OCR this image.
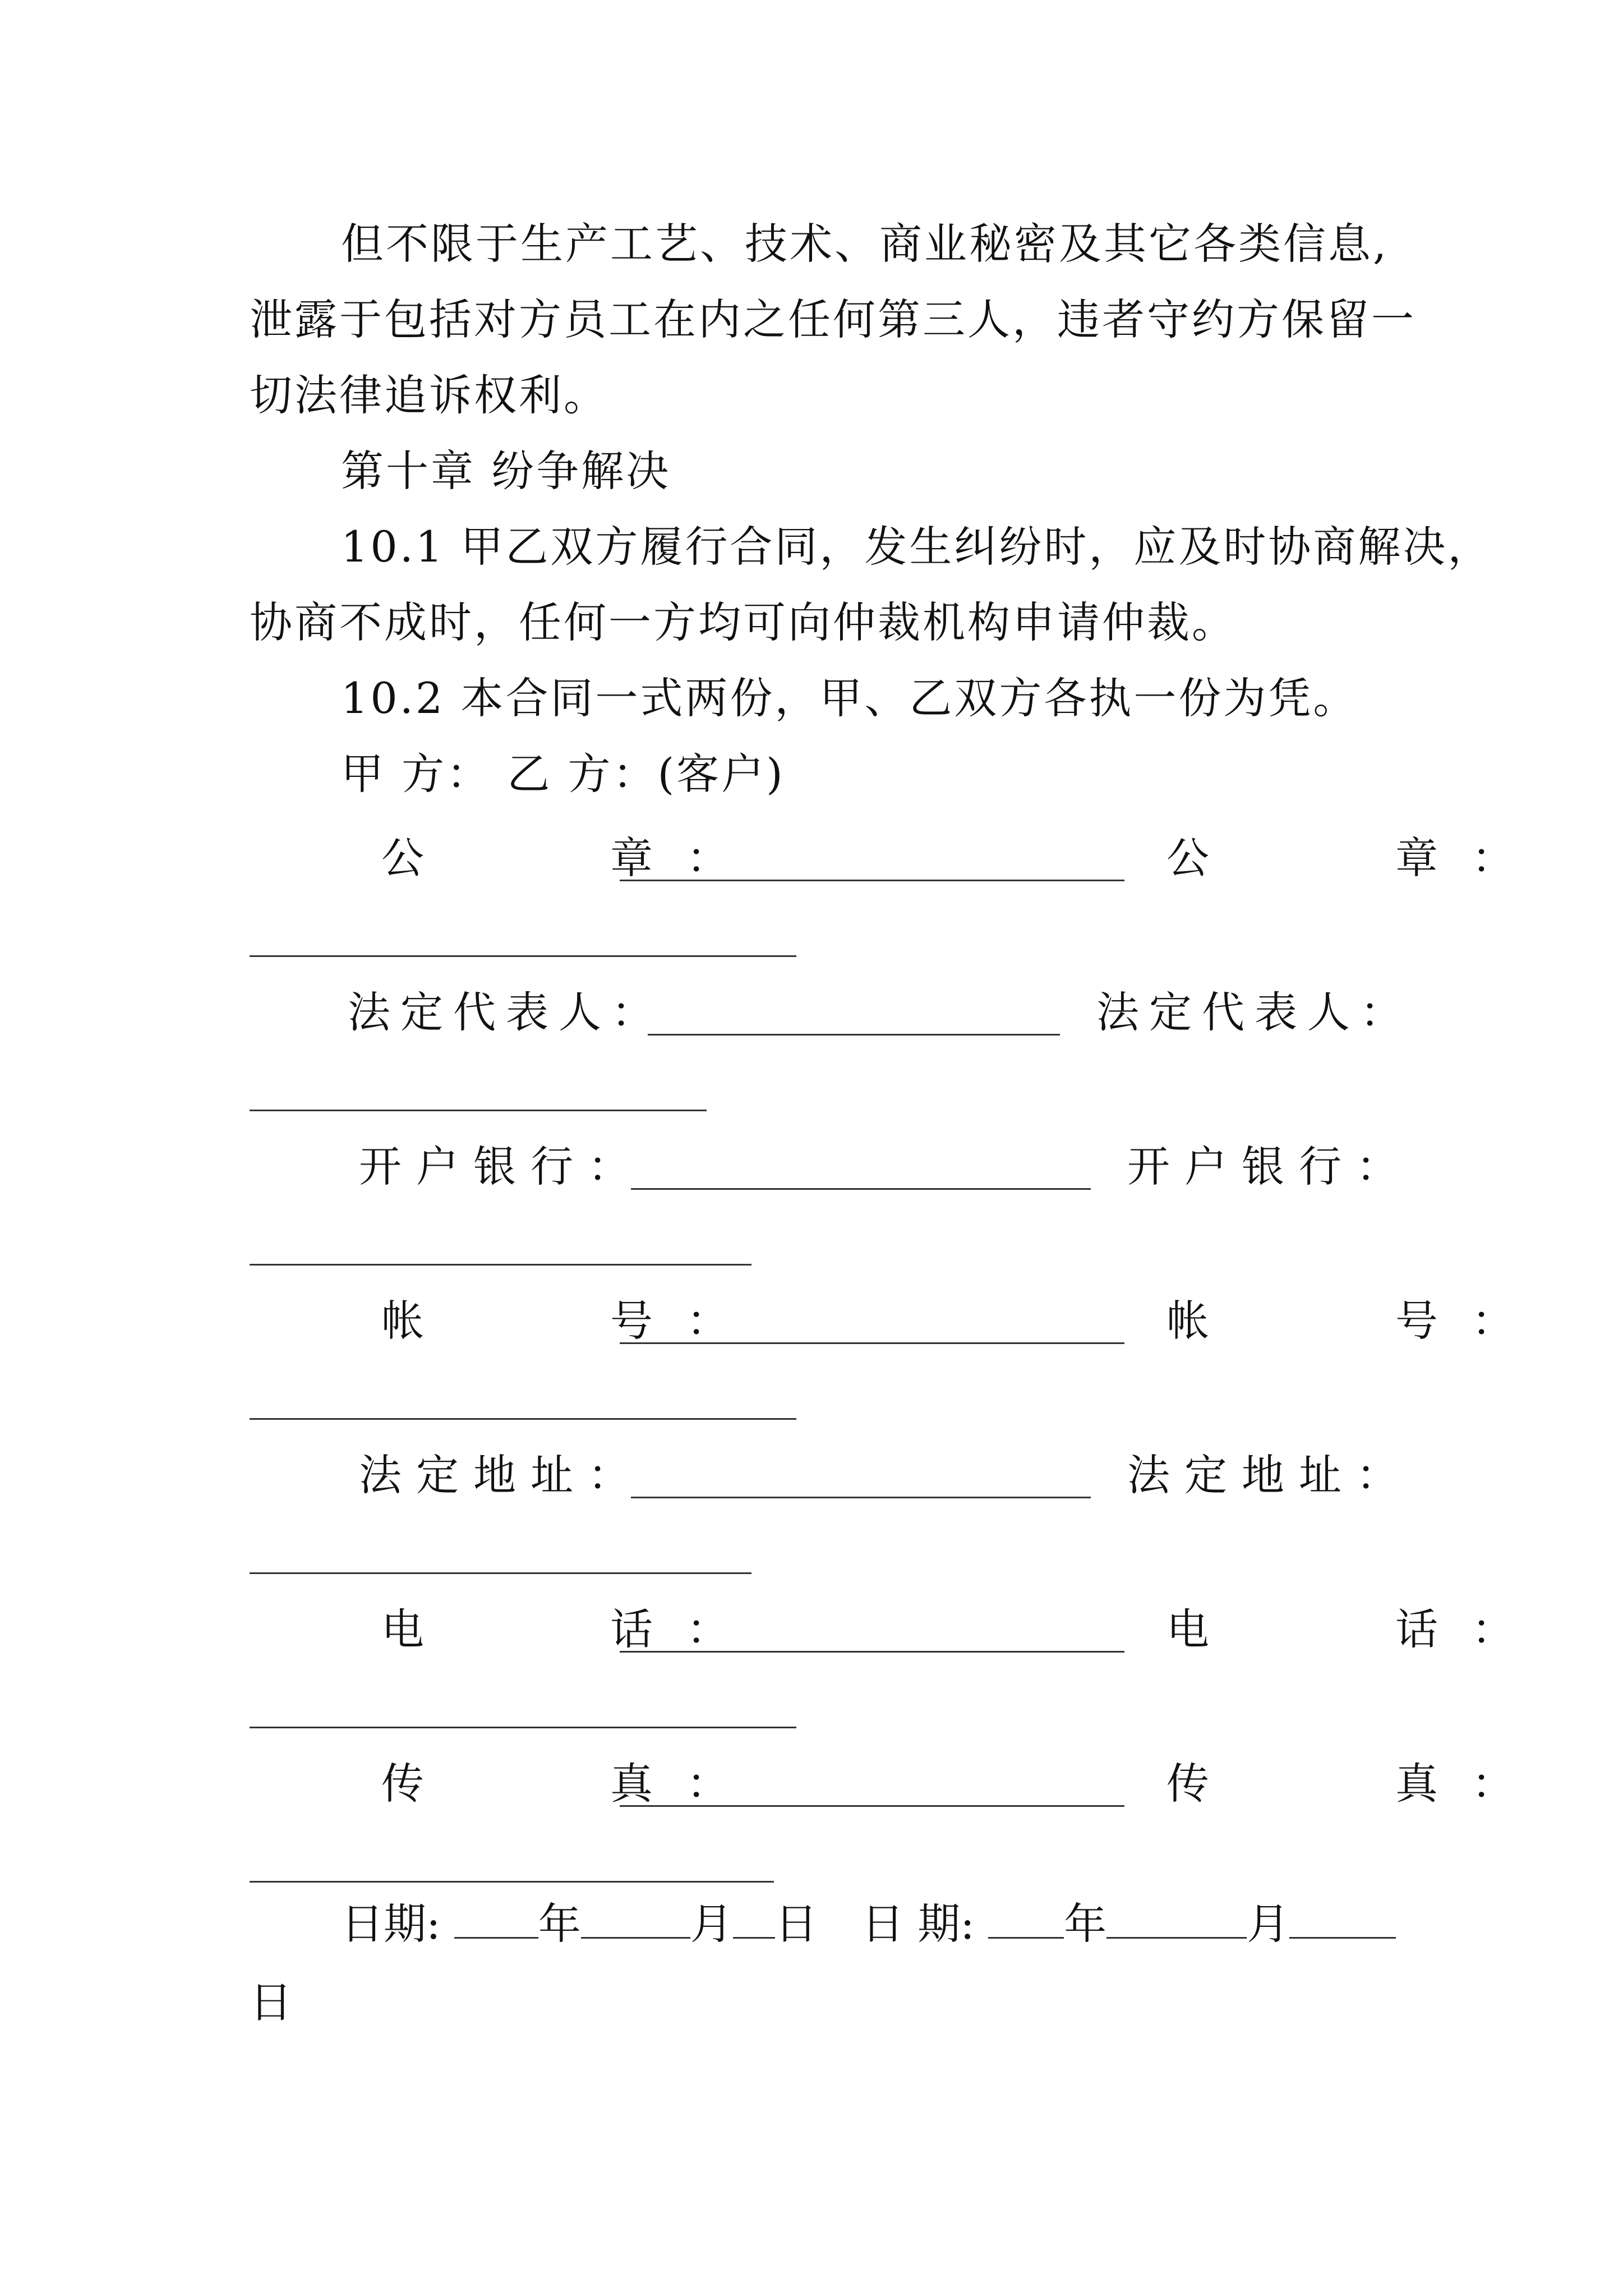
但不限于生产工艺、技术、商业秘密及其它各类信息,
泄露于包括对方员工在内之任何第三人，违者守约方保留一
切法律追诉权利。
第十章 纷争解决
10.1 甲乙双方履行合同，发生纠纷时，应及时协商解决，
协商不成时，任何一方均可向仲裁机构申请仲裁。
10.2 本合同一式两份，甲、乙双方各执一份为凭。
甲 方： 乙 方：(客户)
公　　章：	公　　章：
法定代表人：	法定代表人：
开户银行：	开户银行：
帐　　号：	帐　　号：
法定地址：	法定地址：
电　　话：	电　　话：
传　　真：	传　　真：
日期: 年	月 日 日 期: 年	月
日
